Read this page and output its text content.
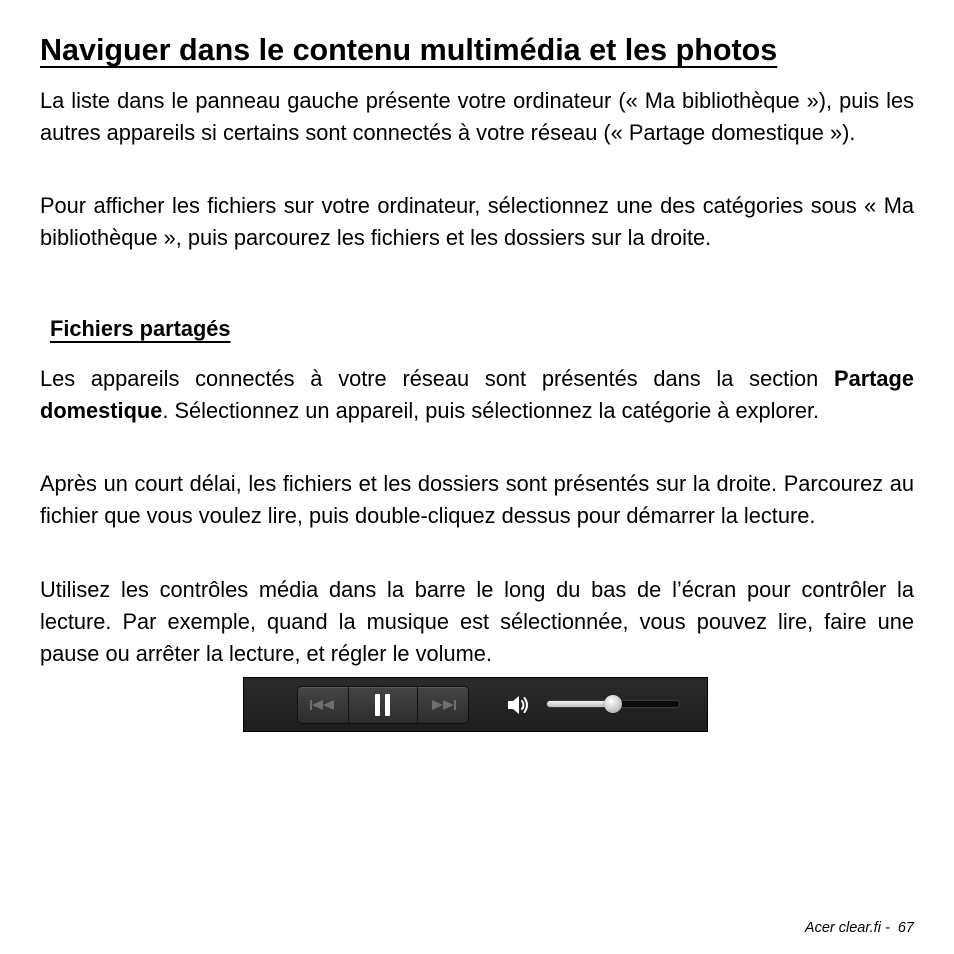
Naviguer dans le contenu multimédia et les photos

La liste dans le panneau gauche présente votre ordinateur (« Ma bibliothèque »), puis les autres appareils si certains sont connectés à votre réseau (« Partage domestique »).

Pour afficher les fichiers sur votre ordinateur, sélectionnez une des catégories sous « Ma bibliothèque », puis parcourez les fichiers et les dossiers sur la droite.

Fichiers partagés

Les appareils connectés à votre réseau sont présentés dans la section Partage domestique. Sélectionnez un appareil, puis sélectionnez la catégorie à explorer.

Après un court délai, les fichiers et les dossiers sont présentés sur la droite. Parcourez au fichier que vous voulez lire, puis double-cliquez dessus pour démarrer la lecture.

Utilisez les contrôles média dans la barre le long du bas de l’écran pour contrôler la lecture. Par exemple, quand la musique est sélectionnée, vous pouvez lire, faire une pause ou arrêter la lecture, et régler le volume.

Acer clear.fi - 67
